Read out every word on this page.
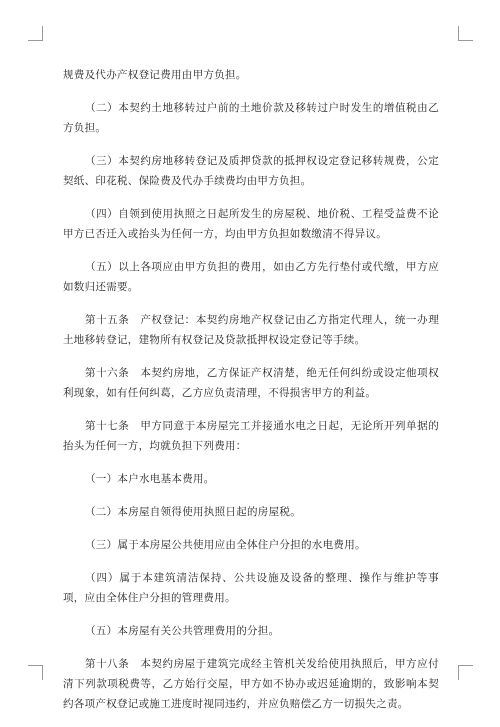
规费及代办产权登记费用由甲方负担。

（二）本契约土地移转过户前的土地价款及移转过户时发生的增值税由乙方负担。

（三）本契约房地移转登记及质押贷款的抵押权设定登记移转规费，公定契纸、印花税、保险费及代办手续费均由甲方负担。

（四）自领到使用执照之日起所发生的房屋税、地价税、工程受益费不论甲方已否迁入或抬头为任何一方，均由甲方负担如数缴清不得异议。

（五）以上各项应由甲方负担的费用，如由乙方先行垫付或代缴，甲方应如数归还需要。

第十五条　产权登记：本契约房地产权登记由乙方指定代理人，统一办理土地移转登记，建物所有权登记及贷款抵押权设定登记等手续。

第十六条　本契约房地，乙方保证产权清楚，绝无任何纠纷或设定他项权利现象，如有任何纠葛，乙方应负责清理，不得损害甲方的利益。

第十七条　甲方同意于本房屋完工并接通水电之日起，无论所开列单据的抬头为任何一方，均就负担下列费用：

（一）本户水电基本费用。

（二）本房屋自领得使用执照日起的房屋税。

（三）属于本房屋公共使用应由全体住户分担的水电费用。

（四）属于本建筑清洁保持、公共设施及设备的整理、操作与维护等事项，应由全体住户分担的管理费用。

（五）本房屋有关公共管理费用的分担。

第十八条　本契约房屋于建筑完成经主管机关发给使用执照后，甲方应付清下列款项税费等，乙方始行交屋，甲方如不协办或迟延逾期的，致影响本契约各项产权登记或施工进度时视同违约，并应负赔偿乙方一切损失之责。
